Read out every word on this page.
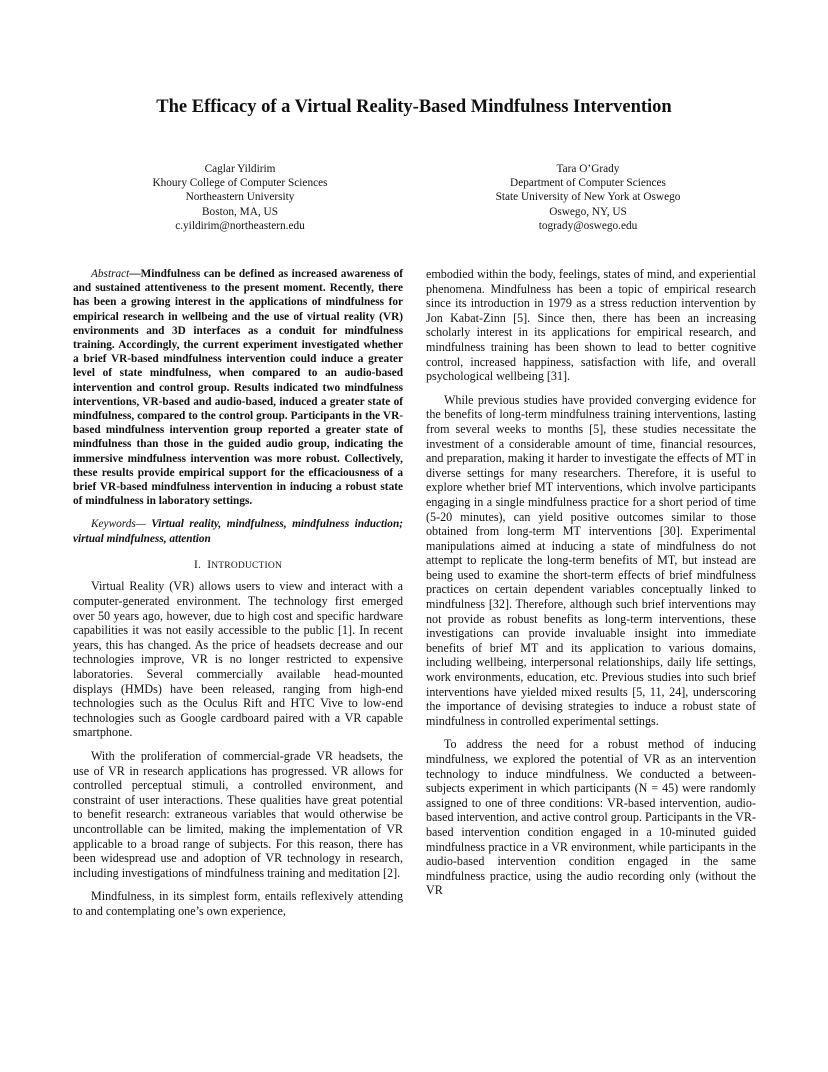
The Efficacy of a Virtual Reality-Based Mindfulness Intervention
Caglar Yildirim
Khoury College of Computer Sciences
Northeastern University
Boston, MA, US
c.yildirim@northeastern.edu
Tara O’Grady
Department of Computer Sciences
State University of New York at Oswego
Oswego, NY, US
togrady@oswego.edu

Abstract—Mindfulness can be defined as increased awareness of and sustained attentiveness to the present moment. Recently, there has been a growing interest in the applications of mindfulness for empirical research in wellbeing and the use of virtual reality (VR) environments and 3D interfaces as a conduit for mindfulness training. Accordingly, the current experiment investigated whether a brief VR-based mindfulness intervention could induce a greater level of state mindfulness, when compared to an audio-based intervention and control group. Results indicated two mindfulness interventions, VR-based and audio-based, induced a greater state of mindfulness, compared to the control group. Participants in the VR-based mindfulness intervention group reported a greater state of mindfulness than those in the guided audio group, indicating the immersive mindfulness intervention was more robust. Collectively, these results provide empirical support for the efficaciousness of a brief VR-based mindfulness intervention in inducing a robust state of mindfulness in laboratory settings.

Keywords— Virtual reality, mindfulness, mindfulness induction; virtual mindfulness, attention

I. INTRODUCTION

Virtual Reality (VR) allows users to view and interact with a computer-generated environment. The technology first emerged over 50 years ago, however, due to high cost and specific hardware capabilities it was not easily accessible to the public [1]. In recent years, this has changed. As the price of headsets decrease and our technologies improve, VR is no longer restricted to expensive laboratories. Several commercially available head-mounted displays (HMDs) have been released, ranging from high-end technologies such as the Oculus Rift and HTC Vive to low-end technologies such as Google cardboard paired with a VR capable smartphone.

With the proliferation of commercial-grade VR headsets, the use of VR in research applications has progressed. VR allows for controlled perceptual stimuli, a controlled environment, and constraint of user interactions. These qualities have great potential to benefit research: extraneous variables that would otherwise be uncontrollable can be limited, making the implementation of VR applicable to a broad range of subjects. For this reason, there has been widespread use and adoption of VR technology in research, including investigations of mindfulness training and meditation [2].

Mindfulness, in its simplest form, entails reflexively attending to and contemplating one’s own experience,

embodied within the body, feelings, states of mind, and experiential phenomena. Mindfulness has been a topic of empirical research since its introduction in 1979 as a stress reduction intervention by Jon Kabat-Zinn [5]. Since then, there has been an increasing scholarly interest in its applications for empirical research, and mindfulness training has been shown to lead to better cognitive control, increased happiness, satisfaction with life, and overall psychological wellbeing [31].

While previous studies have provided converging evidence for the benefits of long-term mindfulness training interventions, lasting from several weeks to months [5], these studies necessitate the investment of a considerable amount of time, financial resources, and preparation, making it harder to investigate the effects of MT in diverse settings for many researchers. Therefore, it is useful to explore whether brief MT interventions, which involve participants engaging in a single mindfulness practice for a short period of time (5-20 minutes), can yield positive outcomes similar to those obtained from long-term MT interventions [30]. Experimental manipulations aimed at inducing a state of mindfulness do not attempt to replicate the long-term benefits of MT, but instead are being used to examine the short-term effects of brief mindfulness practices on certain dependent variables conceptually linked to mindfulness [32]. Therefore, although such brief interventions may not provide as robust benefits as long-term interventions, these investigations can provide invaluable insight into immediate benefits of brief MT and its application to various domains, including wellbeing, interpersonal relationships, daily life settings, work environments, education, etc. Previous studies into such brief interventions have yielded mixed results [5, 11, 24], underscoring the importance of devising strategies to induce a robust state of mindfulness in controlled experimental settings.

To address the need for a robust method of inducing mindfulness, we explored the potential of VR as an intervention technology to induce mindfulness. We conducted a between-subjects experiment in which participants (N = 45) were randomly assigned to one of three conditions: VR-based intervention, audio-based intervention, and active control group. Participants in the VR-based intervention condition engaged in a 10-minuted guided mindfulness practice in a VR environment, while participants in the audio-based intervention condition engaged in the same mindfulness practice, using the audio recording only (without the VR
